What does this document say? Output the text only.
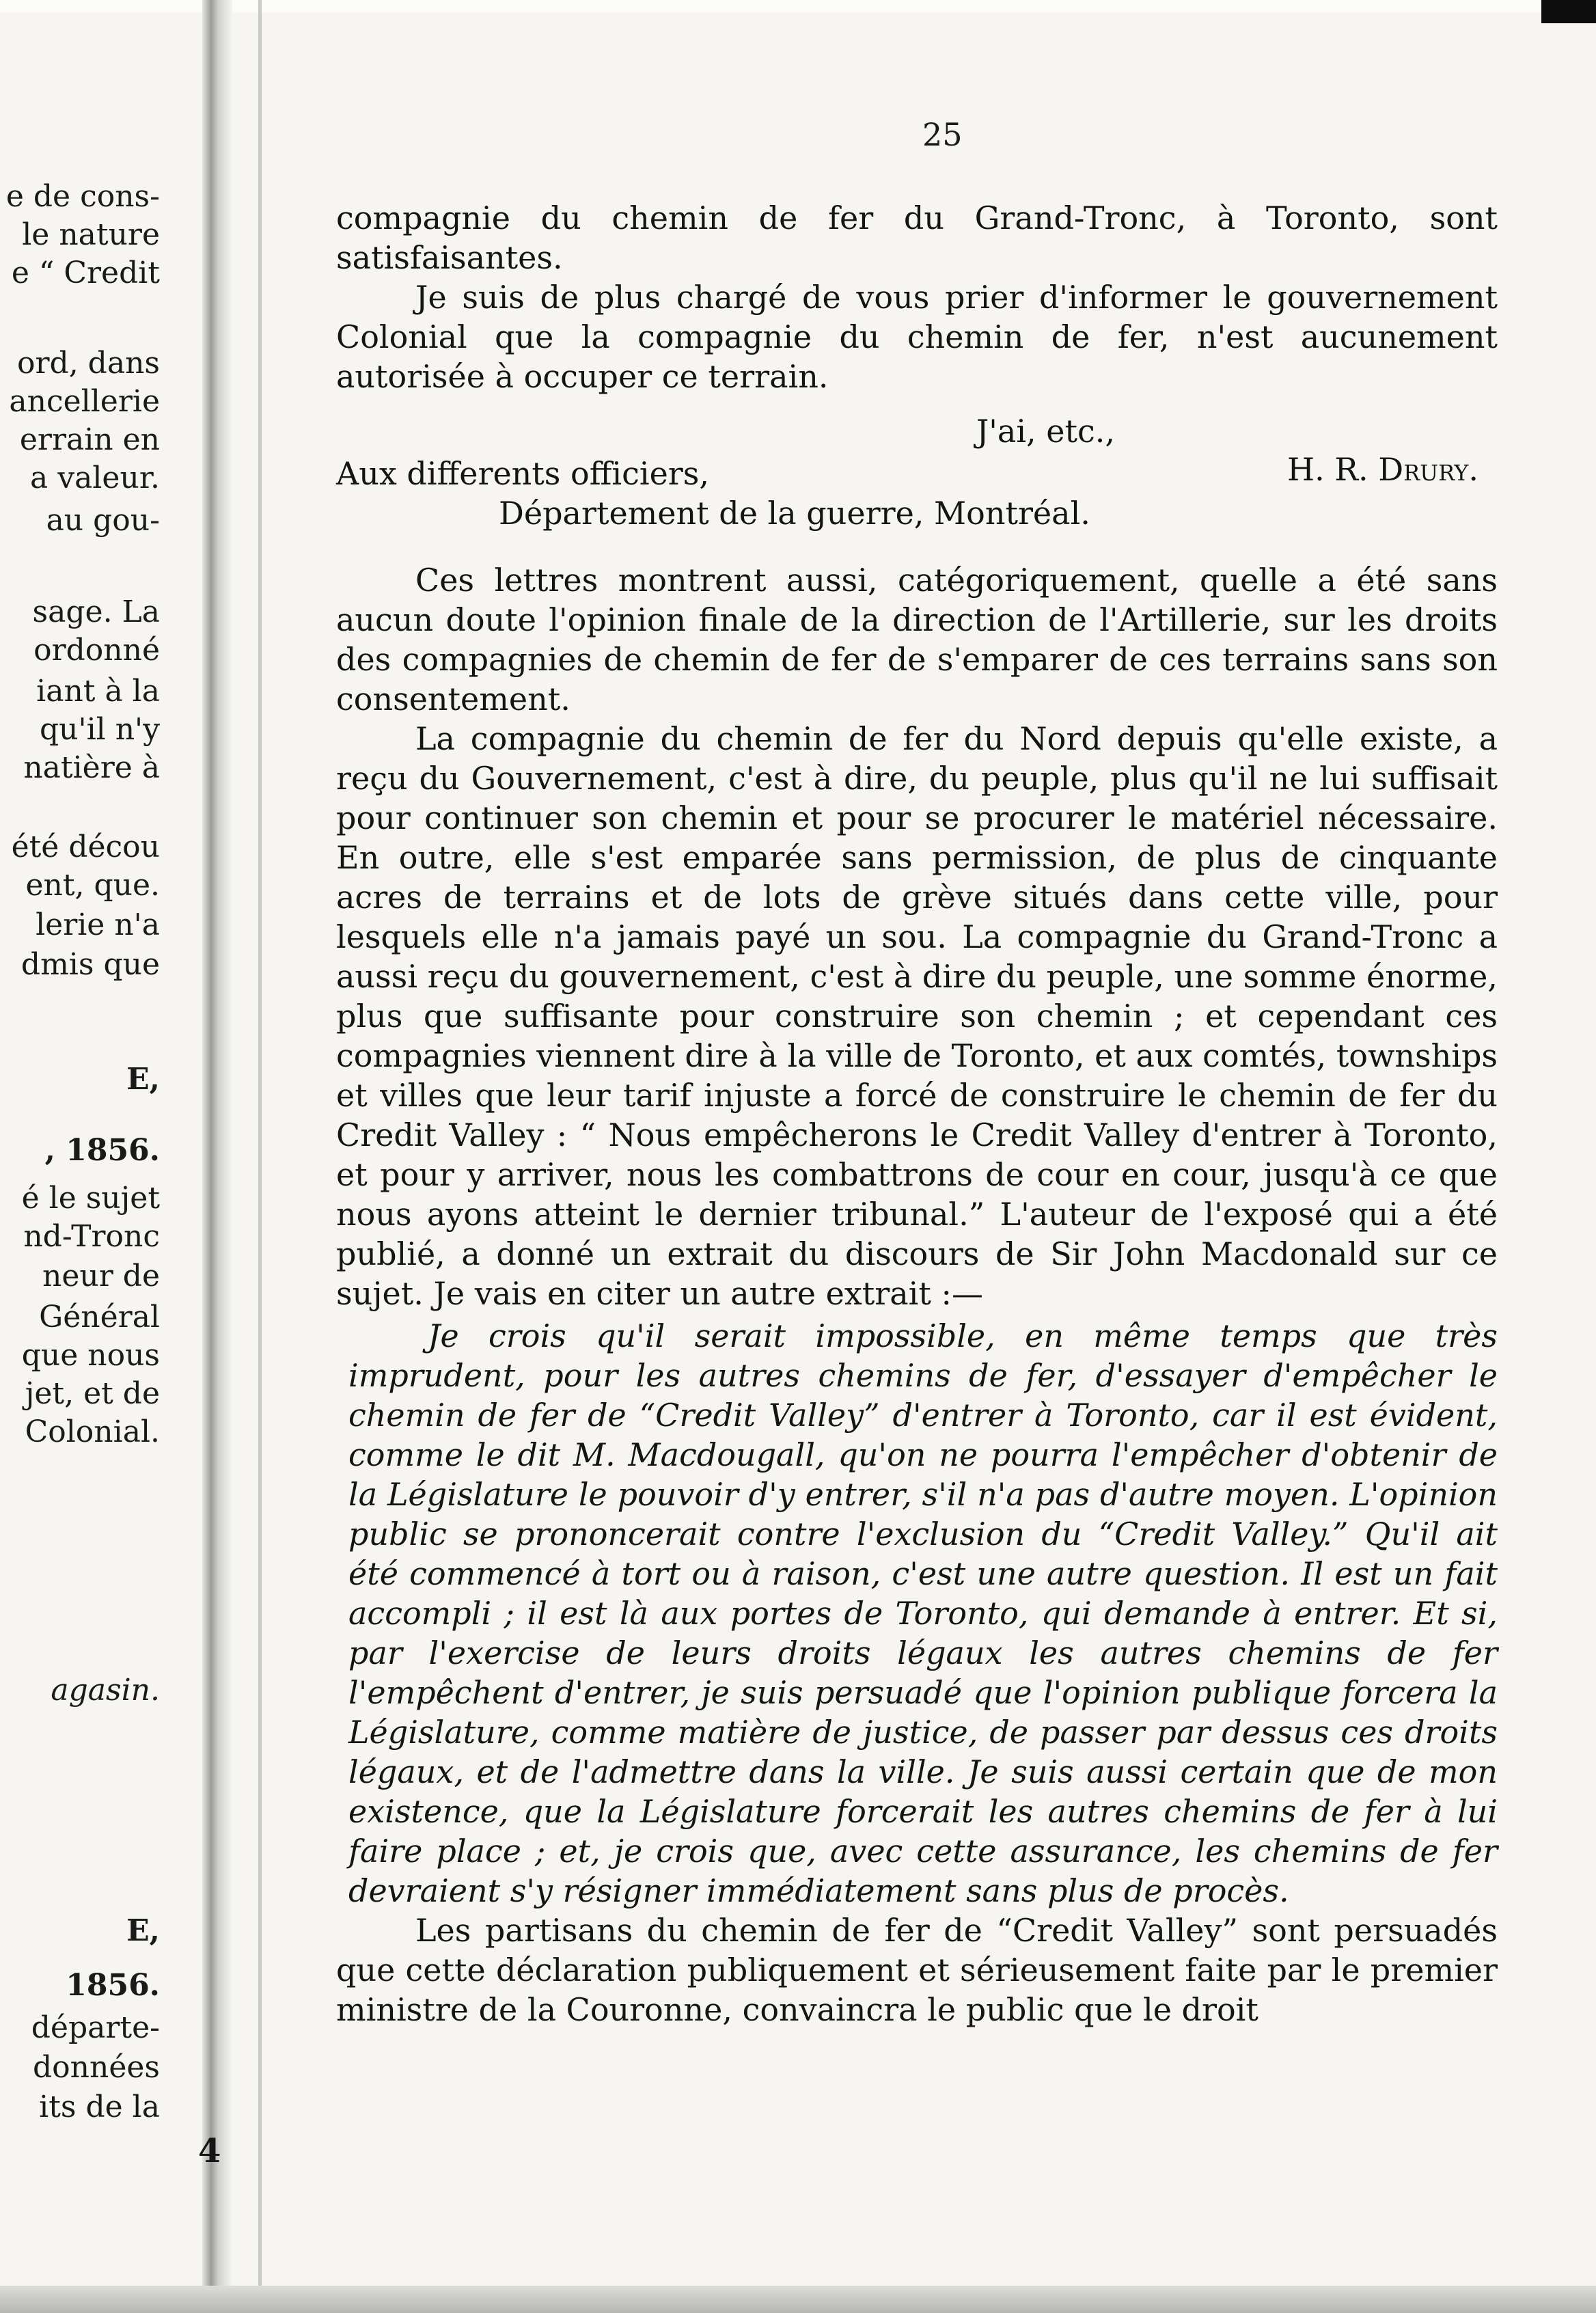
e de cons-
le nature
e “ Credit
ord, dans
ancellerie
errain en
a valeur.
au gou-
sage. La
ordonné
iant à la
qu'il n'y
natière à
été décou
ent, que.
lerie n'a
dmis que
E,
, 1856.
é le sujet
nd-Tronc
neur de
Général
que nous
jet, et de
Colonial.
agasin.
E,
1856.
départe-
données
its de la
25

compagnie du chemin de fer du Grand-Tronc, à Toronto, sont satisfaisantes.

Je suis de plus chargé de vous prier d'informer le gouvernement Colonial que la compagnie du chemin de fer, n'est aucunement autorisée à occuper ce terrain.

J'ai, etc.,

H. R. Drury.

Aux differents officiers,

Département de la guerre, Montréal.

Ces lettres montrent aussi, catégoriquement, quelle a été sans aucun doute l'opinion finale de la direction de l'Artillerie, sur les droits des compagnies de chemin de fer de s'emparer de ces terrains sans son consentement.

La compagnie du chemin de fer du Nord depuis qu'elle existe, a reçu du Gouvernement, c'est à dire, du peuple, plus qu'il ne lui suffisait pour continuer son chemin et pour se procurer le matériel nécessaire. En outre, elle s'est emparée sans permission, de plus de cinquante acres de terrains et de lots de grève situés dans cette ville, pour lesquels elle n'a jamais payé un sou. La compagnie du Grand-Tronc a aussi reçu du gouvernement, c'est à dire du peuple, une somme énorme, plus que suffisante pour construire son chemin ; et cependant ces compagnies viennent dire à la ville de Toronto, et aux comtés, townships et villes que leur tarif injuste a forcé de construire le chemin de fer du Credit Valley : “ Nous empêcherons le Credit Valley d'entrer à Toronto, et pour y arriver, nous les combattrons de cour en cour, jusqu'à ce que nous ayons atteint le dernier tribunal.” L'auteur de l'exposé qui a été publié, a donné un extrait du discours de Sir John Macdonald sur ce sujet. Je vais en citer un autre extrait :—

Je crois qu'il serait impossible, en même temps que très imprudent, pour les autres chemins de fer, d'essayer d'empêcher le chemin de fer de “Credit Valley” d'entrer à Toronto, car il est évident, comme le dit M. Macdougall, qu'on ne pourra l'empêcher d'obtenir de la Législature le pouvoir d'y entrer, s'il n'a pas d'autre moyen. L'opinion public se prononcerait contre l'exclusion du “Credit Valley.” Qu'il ait été commencé à tort ou à raison, c'est une autre question. Il est un fait accompli ; il est là aux portes de Toronto, qui demande à entrer. Et si, par l'exercise de leurs droits légaux les autres chemins de fer l'empêchent d'entrer, je suis persuadé que l'opinion publique forcera la Législature, comme matière de justice, de passer par dessus ces droits légaux, et de l'admettre dans la ville. Je suis aussi certain que de mon existence, que la Législature forcerait les autres chemins de fer à lui faire place ; et, je crois que, avec cette assurance, les chemins de fer devraient s'y résigner immédiatement sans plus de procès.

Les partisans du chemin de fer de “Credit Valley” sont persuadés que cette déclaration publiquement et sérieusement faite par le premier ministre de la Couronne, convaincra le public que le droit

4
